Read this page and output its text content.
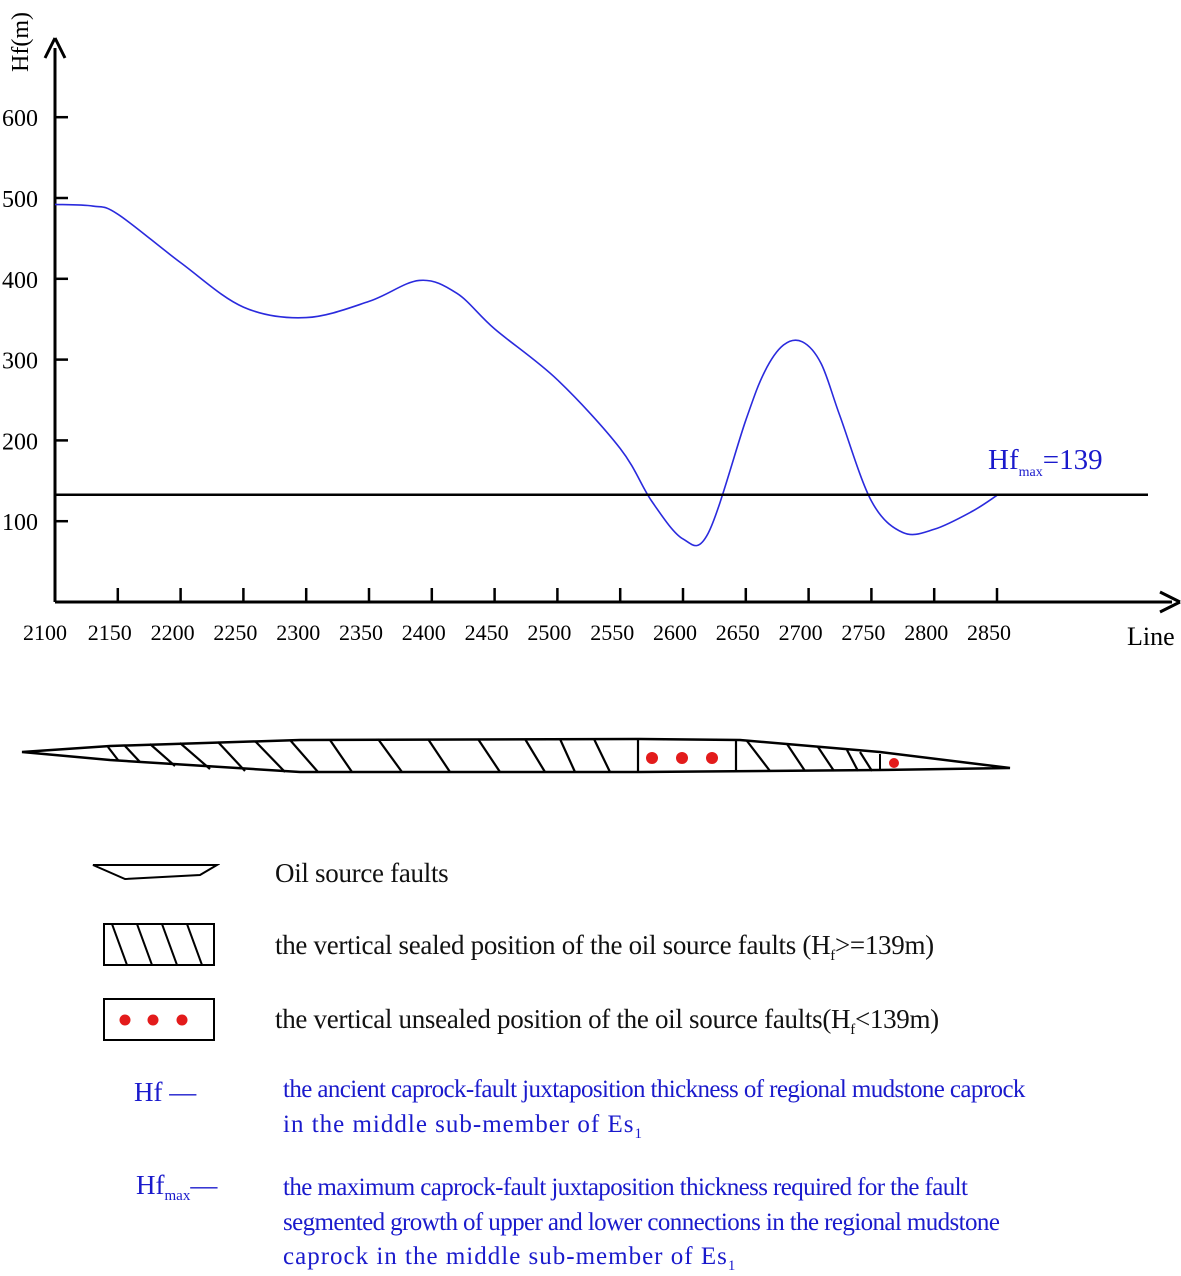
Hf(m)
Line
100
200
300
400
500
600
2100 2150 2200 2250 2300 2350 2400 2450 2500 2550 2600 2650 2700 2750 2800 2850
$Hf_{max}=139$
Oil source faults
the vertical sealed position of the oil source faults $(H_f>=139m)$
the vertical unsealed position of the oil source $faults(H_f<139m)$
Hf —	the ancient caprock-fault juxtaposition thickness of regional mudstone caprock
in the middle sub-member of $Es_1$
$Hf_{max}—$	the maximum caprock-fault juxtaposition thickness required for the fault
segmented growth of upper and lower connections in the regional mudstone
caprock in the middle sub-member of $Es_1$
